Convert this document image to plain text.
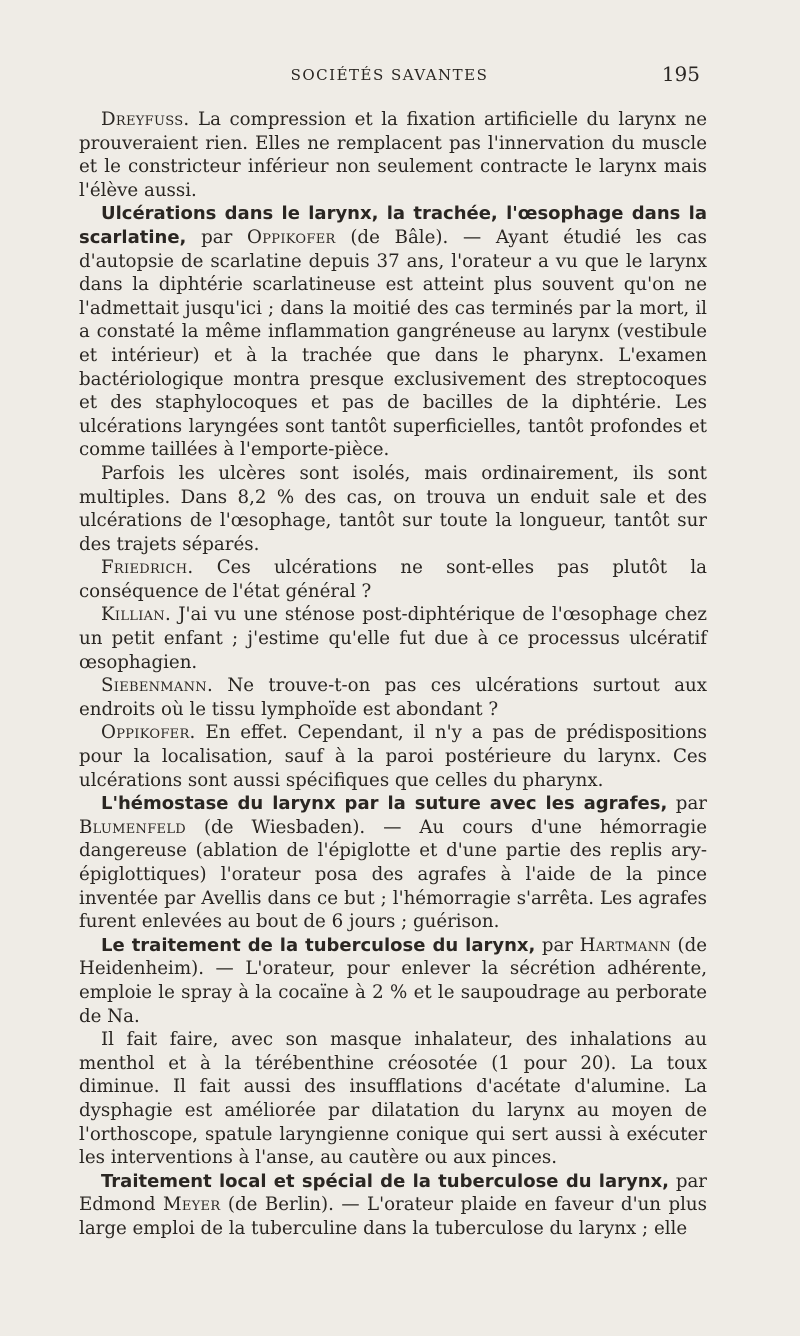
SOCIÉTÉS SAVANTES	195

Dreyfuss. La compression et la fixation artificielle du larynx ne prouveraient rien. Elles ne remplacent pas l'innervation du muscle et le constricteur inférieur non seulement contracte le larynx mais l'élève aussi.

Ulcérations dans le larynx, la trachée, l'œsophage dans la scarlatine, par Oppikofer (de Bâle). — Ayant étudié les cas d'autopsie de scarlatine depuis 37 ans, l'orateur a vu que le larynx dans la diphtérie scarlatineuse est atteint plus souvent qu'on ne l'admettait jusqu'ici ; dans la moitié des cas terminés par la mort, il a constaté la même inflammation gangréneuse au larynx (vestibule et intérieur) et à la trachée que dans le pharynx. L'examen bactériologique montra presque exclusivement des streptocoques et des staphylocoques et pas de bacilles de la diphtérie. Les ulcérations laryngées sont tantôt superficielles, tantôt profondes et comme taillées à l'emporte-pièce.

Parfois les ulcères sont isolés, mais ordinairement, ils sont multiples. Dans 8,2 % des cas, on trouva un enduit sale et des ulcérations de l'œsophage, tantôt sur toute la longueur, tantôt sur des trajets séparés.

Friedrich. Ces ulcérations ne sont-elles pas plutôt la conséquence de l'état général ?

Killian. J'ai vu une sténose post-diphtérique de l'œsophage chez un petit enfant ; j'estime qu'elle fut due à ce processus ulcératif œsophagien.

Siebenmann. Ne trouve-t-on pas ces ulcérations surtout aux endroits où le tissu lymphoïde est abondant ?

Oppikofer. En effet. Cependant, il n'y a pas de prédispositions pour la localisation, sauf à la paroi postérieure du larynx. Ces ulcérations sont aussi spécifiques que celles du pharynx.

L'hémostase du larynx par la suture avec les agrafes, par Blumenfeld (de Wiesbaden). — Au cours d'une hémorragie dangereuse (ablation de l'épiglotte et d'une partie des replis ary-épiglottiques) l'orateur posa des agrafes à l'aide de la pince inventée par Avellis dans ce but ; l'hémorragie s'arrêta. Les agrafes furent enlevées au bout de 6 jours ; guérison.

Le traitement de la tuberculose du larynx, par Hartmann (de Heidenheim). — L'orateur, pour enlever la sécrétion adhérente, emploie le spray à la cocaïne à 2 % et le saupoudrage au perborate de Na.

Il fait faire, avec son masque inhalateur, des inhalations au menthol et à la térébenthine créosotée (1 pour 20). La toux diminue. Il fait aussi des insufflations d'acétate d'alumine. La dysphagie est améliorée par dilatation du larynx au moyen de l'orthoscope, spatule laryngienne conique qui sert aussi à exécuter les interventions à l'anse, au cautère ou aux pinces.

Traitement local et spécial de la tuberculose du larynx, par Edmond Meyer (de Berlin). — L'orateur plaide en faveur d'un plus large emploi de la tuberculine dans la tuberculose du larynx ; elle
